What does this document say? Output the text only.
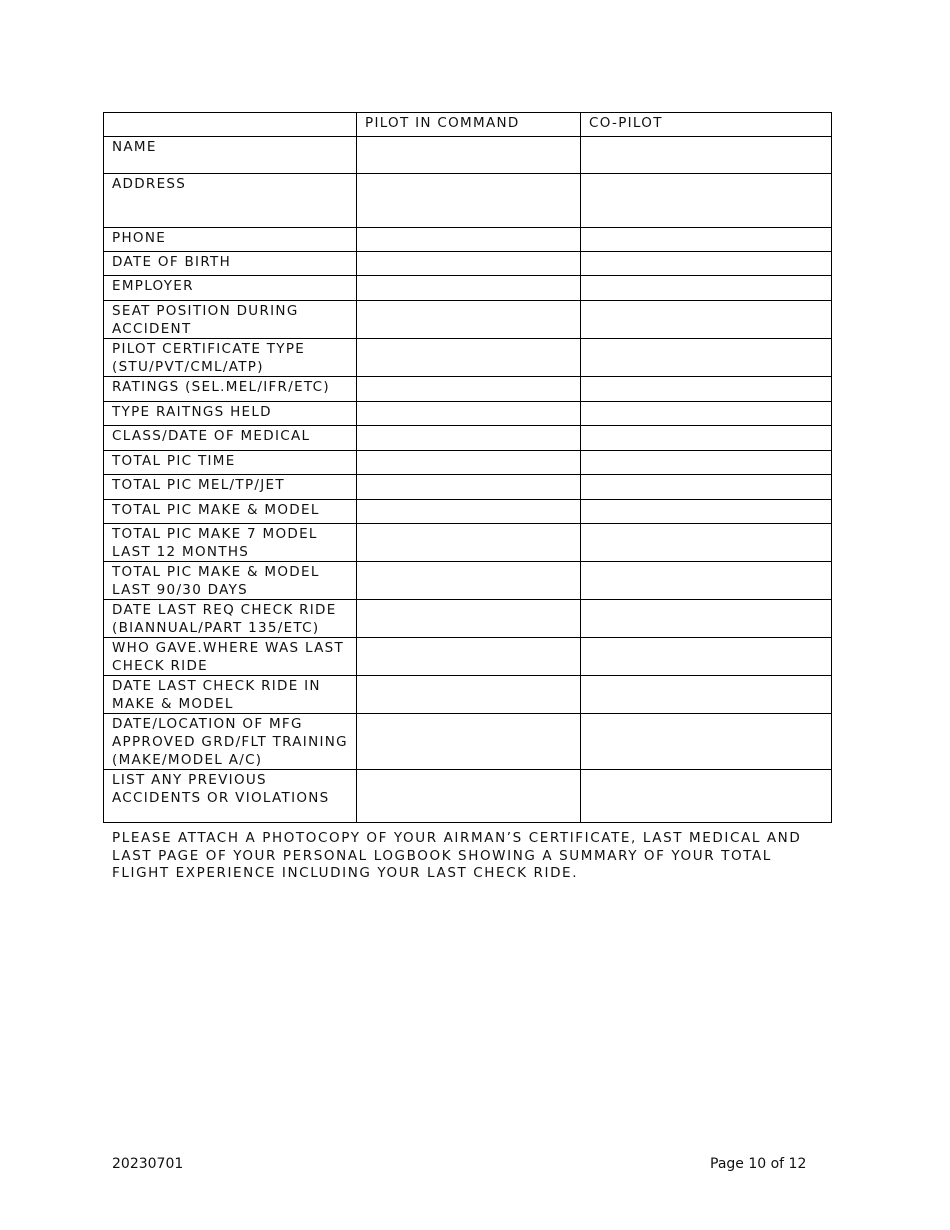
	PILOT IN COMMAND	CO-PILOT
NAME		
ADDRESS		
PHONE		
DATE OF BIRTH		
EMPLOYER		
SEAT POSITION DURING ACCIDENT		
PILOT CERTIFICATE TYPE (STU/PVT/CML/ATP)		
RATINGS (SEL.MEL/IFR/ETC)		
TYPE RAITNGS HELD		
CLASS/DATE OF MEDICAL		
TOTAL PIC TIME		
TOTAL PIC MEL/TP/JET		
TOTAL PIC MAKE & MODEL		
TOTAL PIC MAKE 7 MODEL LAST 12 MONTHS		
TOTAL PIC MAKE & MODEL LAST 90/30 DAYS		
DATE LAST REQ CHECK RIDE (BIANNUAL/PART 135/ETC)		
WHO GAVE.WHERE WAS LAST CHECK RIDE		
DATE LAST CHECK RIDE IN MAKE & MODEL		
DATE/LOCATION OF MFG APPROVED GRD/FLT TRAINING (MAKE/MODEL A/C)		
LIST ANY PREVIOUS ACCIDENTS OR VIOLATIONS		

PLEASE ATTACH A PHOTOCOPY OF YOUR AIRMAN’S CERTIFICATE, LAST MEDICAL AND LAST PAGE OF YOUR PERSONAL LOGBOOK SHOWING A SUMMARY OF YOUR TOTAL FLIGHT EXPERIENCE INCLUDING YOUR LAST CHECK RIDE.

20230701	Page 10 of 12
